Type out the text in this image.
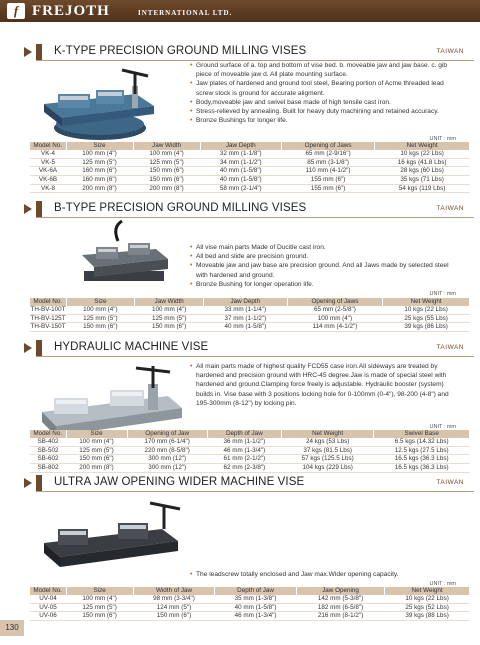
f FREJOTH	INTERNATIONAL LTD.
K-TYPE PRECISION GROUND MILLING VISES	TAIWAN
• Ground surface of a. top and bottom of vise bed. b. moveable jaw and jaw base. c. gib piece of moveable jaw d. All plate mounting surface.
• Jaw plates of hardened and ground tool steel, Bearing portion of Acme threaded lead screw stock is ground for accurate aligment.
• Body,moveable jaw and swivel base made of high tensile cast iron.
• Stress-relieved by annealing. Built for heavy duty machining and retained accuracy.
• Bronze Bushings for longer life.
UNIT : mm
Model No.	Size	Jaw Width	Jaw Depth	Opening of Jaws	Net Weight
VK-4	100 mm (4")	100 mm (4")	32 mm (1-1/8")	65 mm (2-9/16")	10 kgs (22 Lbs)
VK-5	125 mm (5")	125 mm (5")	34 mm (1-1/2")	85 mm (3-1/8")	16 kgs (41.8 Lbs)
VK-6A	160 mm (6")	150 mm (6")	40 mm (1-5/8")	110 mm (4-1/2")	28 kgs (60 Lbs)
VK-6B	160 mm (6")	150 mm (6")	40 mm (1-5/8")	155 mm (6")	35 kgs (71 Lbs)
VK-8	200 mm (8")	200 mm (8")	58 mm (2-1/4")	155 mm (6")	54 kgs (119 Lbs)
B-TYPE PRECISION GROUND MILLING VISES	TAIWAN
• All vise main parts Made of Ducitle cast iron.
• All bed and slide are precision ground.
• Moveable jaw and jaw base are precision ground. And all Jaws made by selected steel with hardened and ground.
• Bronze Bushing for longer operation life.
UNIT : mm
Model No.	Size	Jaw Width	Jaw Depth	Opening of Jaws	Net Weight
TH-BV-100T	100 mm (4")	100 mm (4")	33 mm (1-1/4")	65 mm (2-5/8")	10 kgs (22 Lbs)
TH-BV-125T	125 mm (5")	125 mm (5")	37 mm (1-1/2")	100 mm (4")	25 kgs (55 Lbs)
TH-BV-150T	150 mm (6")	150 mm (6")	40 mm (1-5/8")	114 mm (4-1/2")	39 kgs (86 Lbs)
HYDRAULIC MACHINE VISE	TAIWAN
• All main parts made of highest quality FCD55 case iron.All sideways are treated by hardened and precision ground with HRC-45 degree.Jaw is made of special steel with hardened and ground.Clamping force freely is adjustable. Hydraulic booster (system) builds in. Vise base with 3 positions locking hole for 0-100mm (0-4"), 98-200 (4-8") and 195-300mm (8-12") by locking pin.
UNIT : mm
Model No.	Size	Opening of Jaw	Depth of Jaw	Net Weight	Swivel Base
SB-402	100 mm (4")	170 mm (6-1/4")	36 mm (1-1/2")	24 kgs (53 Lbs)	6.5 kgs (14.32 Lbs)
SB-502	125 mm (5")	220 mm (8-5/8")	46 mm (1-3/4")	37 kgs (81.5 Lbs)	12.5 kgs (27.5 Lbs)
SB-602	150 mm (6")	300 mm (12")	61 mm (2-1/2")	57 kgs (125.5 Lbs)	16.5 kgs (36.3 Lbs)
SB-802	200 mm (8")	300 mm (12")	62 mm (2-3/8")	104 kgs (229 Lbs)	16.5 kgs (36.3 Lbs)
ULTRA JAW OPENING WIDER MACHINE VISE	TAIWAN
• The leadscrew totally enclosed and Jaw max.Wider opening capacity.
UNIT : mm
Model No.	Size	Width of Jaw	Depth of Jaw	Jaw Opening	Net Weight
UV-04	100 mm (4")	98 mm (3-3/4")	35 mm (1-3/8")	142 mm (5-3/8")	10 kgs (22 Lbs)
UV-05	125 mm (5")	124 mm (5")	40 mm (1-5/8")	182 mm (6-5/8")	25 kgs (52 Lbs)
UV-06	150 mm (6")	150 mm (6")	46 mm (1-3/4")	216 mm (8-1/2")	39 kgs (88 Lbs)
130
